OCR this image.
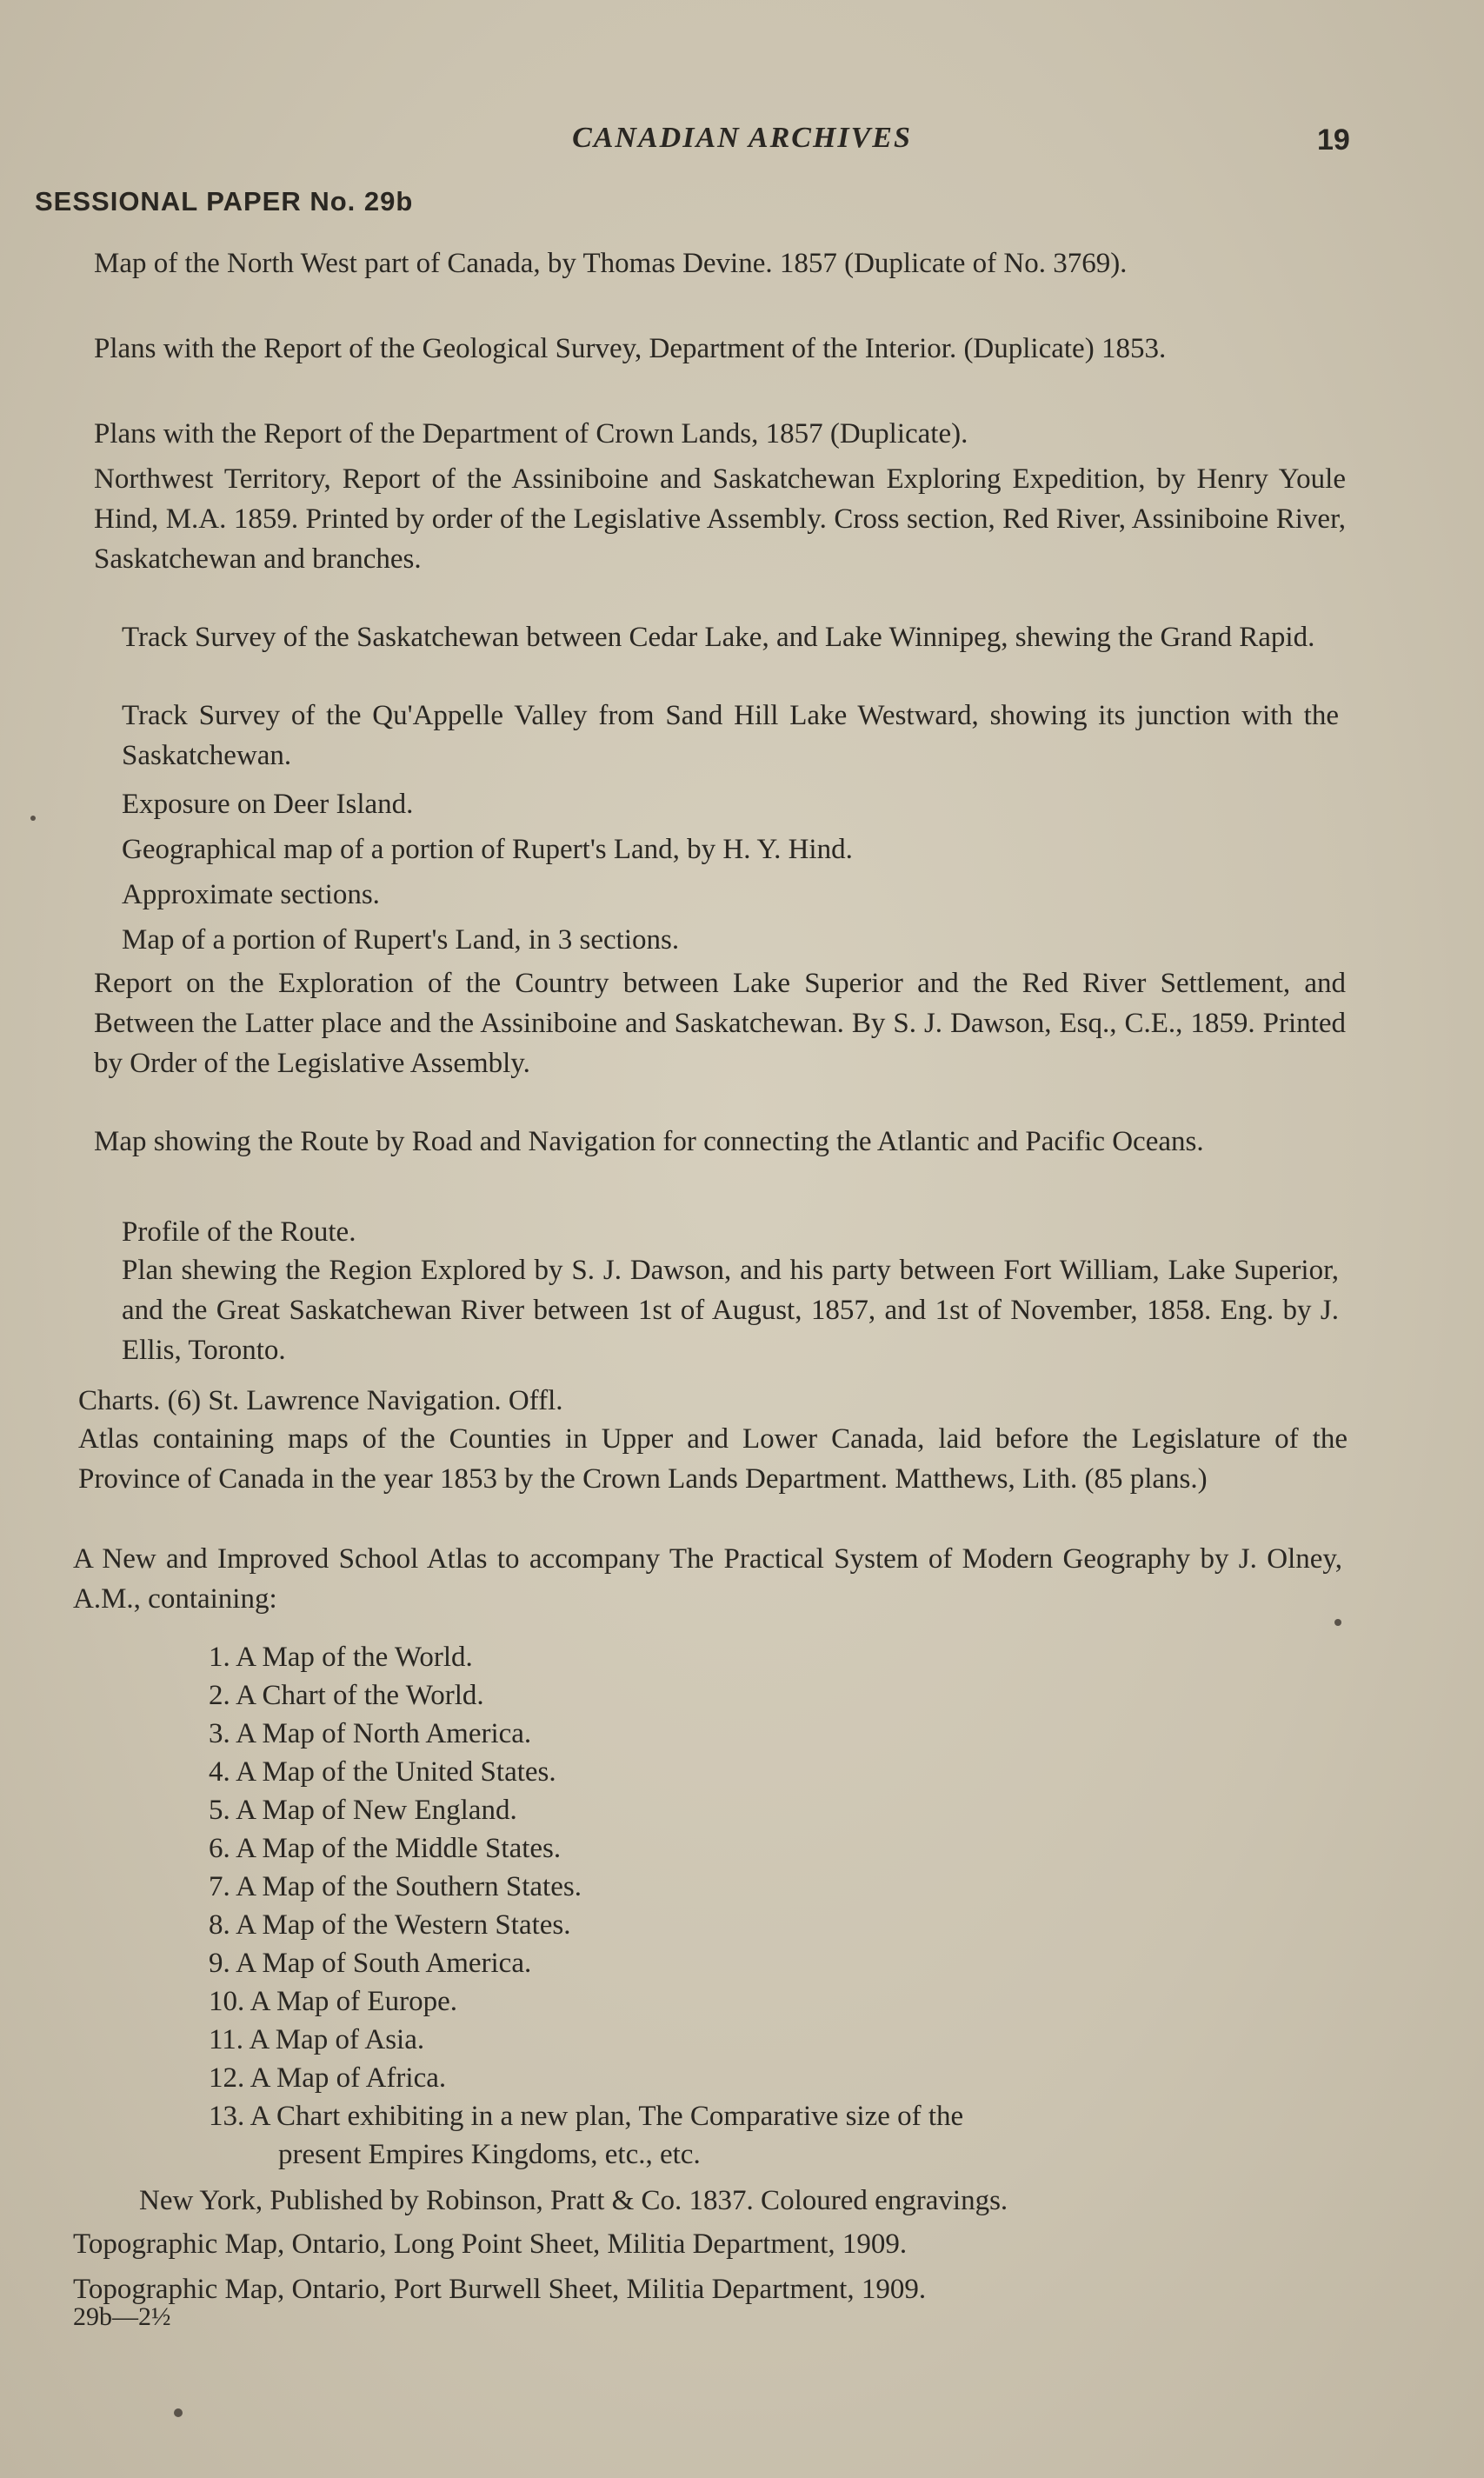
CANADIAN ARCHIVES	19
SESSIONAL PAPER No. 29b
Map of the North West part of Canada, by Thomas Devine. 1857 (Duplicate of No. 3769).
Plans with the Report of the Geological Survey, Department of the Interior. (Duplicate) 1853.
Plans with the Report of the Department of Crown Lands, 1857 (Duplicate).
Northwest Territory, Report of the Assiniboine and Saskatchewan Exploring Expedition, by Henry Youle Hind, M.A. 1859. Printed by order of the Legislative Assembly. Cross section, Red River, Assiniboine River, Saskatchewan and branches.
Track Survey of the Saskatchewan between Cedar Lake, and Lake Winnipeg, shewing the Grand Rapid.
Track Survey of the Qu'Appelle Valley from Sand Hill Lake Westward, showing its junction with the Saskatchewan.
Exposure on Deer Island.
Geographical map of a portion of Rupert's Land, by H. Y. Hind.
Approximate sections.
Map of a portion of Rupert's Land, in 3 sections.
Report on the Exploration of the Country between Lake Superior and the Red River Settlement, and Between the Latter place and the Assiniboine and Saskatchewan. By S. J. Dawson, Esq., C.E., 1859. Printed by Order of the Legislative Assembly.
Map showing the Route by Road and Navigation for connecting the Atlantic and Pacific Oceans.
Profile of the Route.
Plan shewing the Region Explored by S. J. Dawson, and his party between Fort William, Lake Superior, and the Great Saskatchewan River between 1st of August, 1857, and 1st of November, 1858. Eng. by J. Ellis, Toronto.
Charts. (6) St. Lawrence Navigation. Offl.
Atlas containing maps of the Counties in Upper and Lower Canada, laid before the Legislature of the Province of Canada in the year 1853 by the Crown Lands Department. Matthews, Lith. (85 plans.)
A New and Improved School Atlas to accompany The Practical System of Modern Geography by J. Olney, A.M., containing:
1. A Map of the World.
2. A Chart of the World.
3. A Map of North America.
4. A Map of the United States.
5. A Map of New England.
6. A Map of the Middle States.
7. A Map of the Southern States.
8. A Map of the Western States.
9. A Map of South America.
10. A Map of Europe.
11. A Map of Asia.
12. A Map of Africa.
13. A Chart exhibiting in a new plan, The Comparative size of the
present Empires Kingdoms, etc., etc.
New York, Published by Robinson, Pratt & Co. 1837. Coloured engravings.
Topographic Map, Ontario, Long Point Sheet, Militia Department, 1909.
Topographic Map, Ontario, Port Burwell Sheet, Militia Department, 1909.
29b—2½
